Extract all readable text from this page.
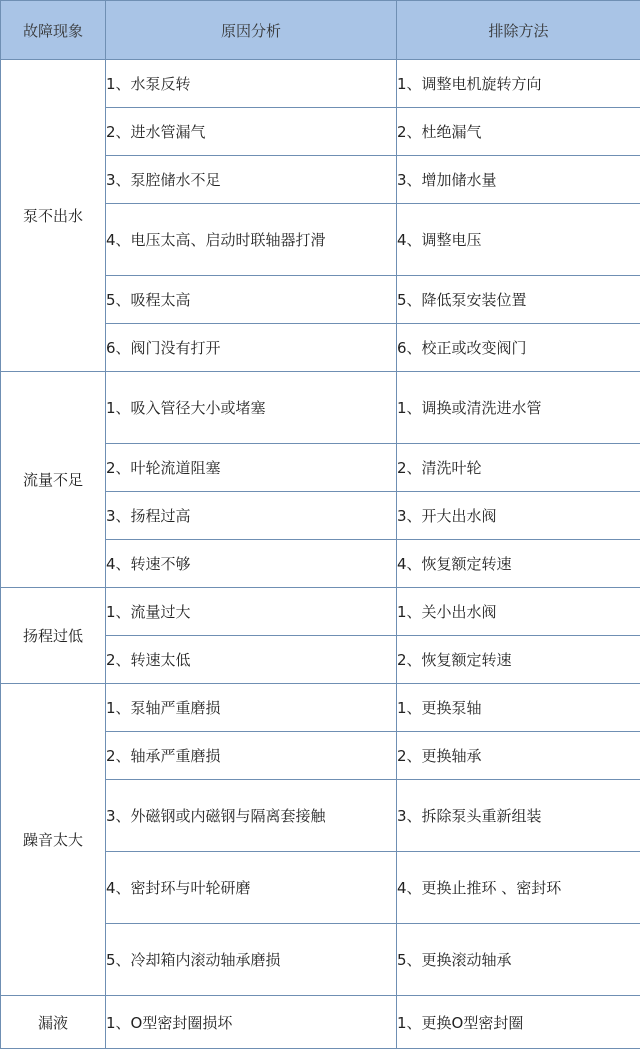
故障现象	原因分析	排除方法
泵不出水	1、水泵反转	1、调整电机旋转方向
	2、进水管漏气	2、杜绝漏气
	3、泵腔储水不足	3、增加储水量
	4、电压太高、启动时联轴器打滑	4、调整电压
	5、吸程太高	5、降低泵安装位置
	6、阀门没有打开	6、校正或改变阀门
流量不足	1、吸入管径大小或堵塞	1、调换或清洗进水管
	2、叶轮流道阻塞	2、清洗叶轮
	3、扬程过高	3、开大出水阀
	4、转速不够	4、恢复额定转速
扬程过低	1、流量过大	1、关小出水阀
	2、转速太低	2、恢复额定转速
躁音太大	1、泵轴严重磨损	1、更换泵轴
	2、轴承严重磨损	2、更换轴承
	3、外磁钢或内磁钢与隔离套接触	3、拆除泵头重新组装
	4、密封环与叶轮研磨	4、更换止推环 、密封环
	5、冷却箱内滚动轴承磨损	5、更换滚动轴承
漏液	1、O型密封圈损坏	1、更换O型密封圈
